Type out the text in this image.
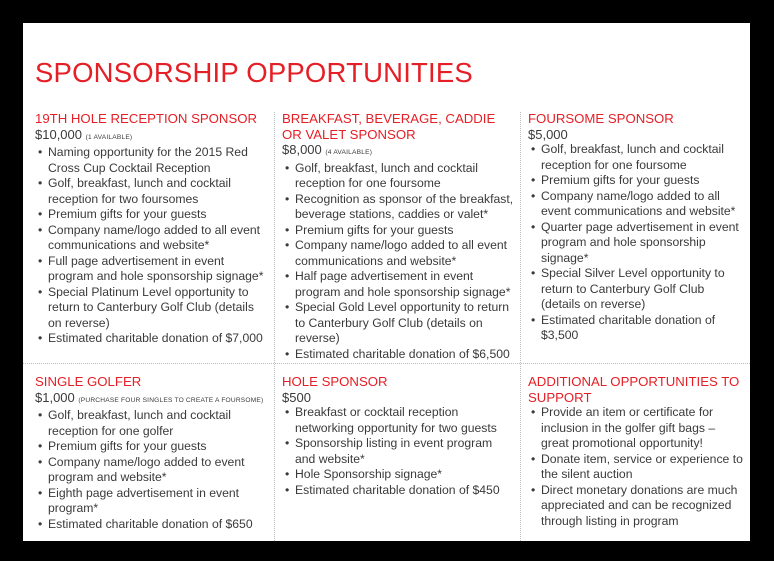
SPONSORSHIP OPPORTUNITIES
19TH HOLE RECEPTION SPONSOR
$10,000 (1 AVAILABLE)
• Naming opportunity for the 2015 Red Cross Cup Cocktail Reception
• Golf, breakfast, lunch and cocktail reception for two foursomes
• Premium gifts for your guests
• Company name/logo added to all event communications and website*
• Full page advertisement in event program and hole sponsorship signage*
• Special Platinum Level opportunity to return to Canterbury Golf Club (details on reverse)
• Estimated charitable donation of $7,000
BREAKFAST, BEVERAGE, CADDIE OR VALET SPONSOR
$8,000 (4 AVAILABLE)
• Golf, breakfast, lunch and cocktail reception for one foursome
• Recognition as sponsor of the breakfast, beverage stations, caddies or valet*
• Premium gifts for your guests
• Company name/logo added to all event communications and website*
• Half page advertisement in event program and hole sponsorship signage*
• Special Gold Level opportunity to return to Canterbury Golf Club (details on reverse)
• Estimated charitable donation of $6,500
FOURSOME SPONSOR
$5,000
• Golf, breakfast, lunch and cocktail reception for one foursome
• Premium gifts for your guests
• Company name/logo added to all event communications and website*
• Quarter page advertisement in event program and hole sponsorship signage*
• Special Silver Level opportunity to return to Canterbury Golf Club (details on reverse)
• Estimated charitable donation of $3,500
SINGLE GOLFER
$1,000 (PURCHASE FOUR SINGLES TO CREATE A FOURSOME)
• Golf, breakfast, lunch and cocktail reception for one golfer
• Premium gifts for your guests
• Company name/logo added to event program and website*
• Eighth page advertisement in event program*
• Estimated charitable donation of $650
HOLE SPONSOR
$500
• Breakfast or cocktail reception networking opportunity for two guests
• Sponsorship listing in event program and website*
• Hole Sponsorship signage*
• Estimated charitable donation of $450
ADDITIONAL OPPORTUNITIES TO SUPPORT
• Provide an item or certificate for inclusion in the golfer gift bags – great promotional opportunity!
• Donate item, service or experience to the silent auction
• Direct monetary donations are much appreciated and can be recognized through listing in program
